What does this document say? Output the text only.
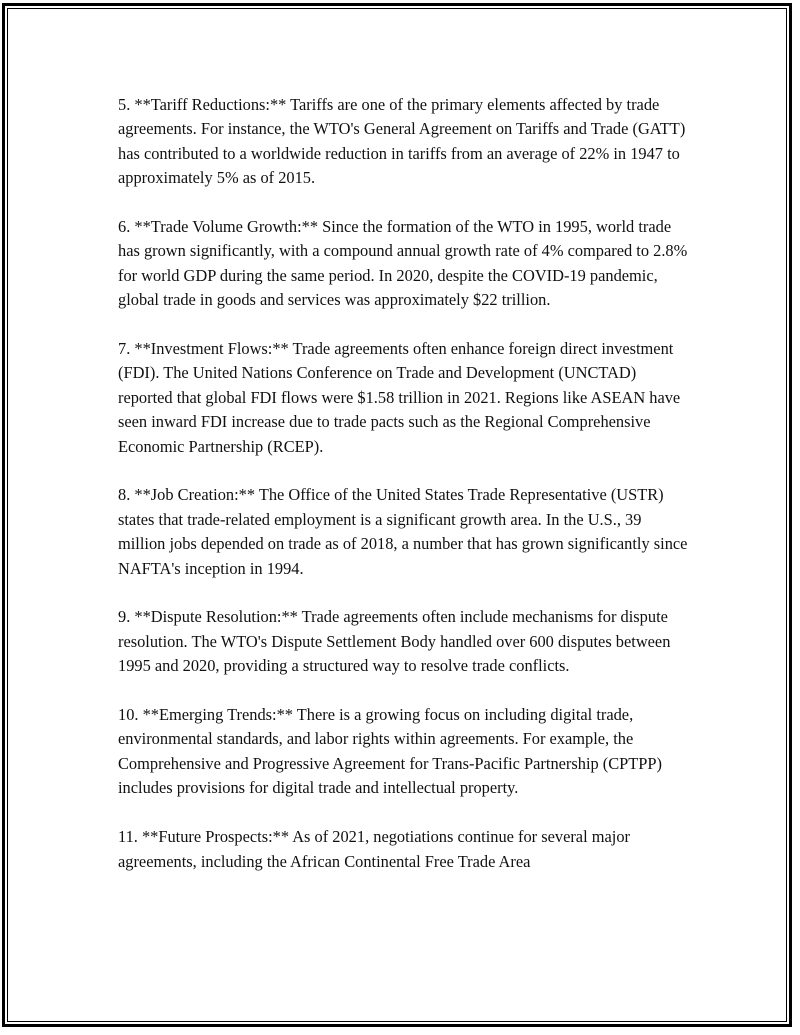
5. **Tariff Reductions:** Tariffs are one of the primary elements affected by trade agreements. For instance, the WTO's General Agreement on Tariffs and Trade (GATT) has contributed to a worldwide reduction in tariffs from an average of 22% in 1947 to approximately 5% as of 2015.

6. **Trade Volume Growth:** Since the formation of the WTO in 1995, world trade has grown significantly, with a compound annual growth rate of 4% compared to 2.8% for world GDP during the same period. In 2020, despite the COVID-19 pandemic, global trade in goods and services was approximately $22 trillion.

7. **Investment Flows:** Trade agreements often enhance foreign direct investment (FDI). The United Nations Conference on Trade and Development (UNCTAD) reported that global FDI flows were $1.58 trillion in 2021. Regions like ASEAN have seen inward FDI increase due to trade pacts such as the Regional Comprehensive Economic Partnership (RCEP).

8. **Job Creation:** The Office of the United States Trade Representative (USTR) states that trade-related employment is a significant growth area. In the U.S., 39 million jobs depended on trade as of 2018, a number that has grown significantly since NAFTA's inception in 1994.

9. **Dispute Resolution:** Trade agreements often include mechanisms for dispute resolution. The WTO's Dispute Settlement Body handled over 600 disputes between 1995 and 2020, providing a structured way to resolve trade conflicts.

10. **Emerging Trends:** There is a growing focus on including digital trade, environmental standards, and labor rights within agreements. For example, the Comprehensive and Progressive Agreement for Trans-Pacific Partnership (CPTPP) includes provisions for digital trade and intellectual property.

11. **Future Prospects:** As of 2021, negotiations continue for several major agreements, including the African Continental Free Trade Area
